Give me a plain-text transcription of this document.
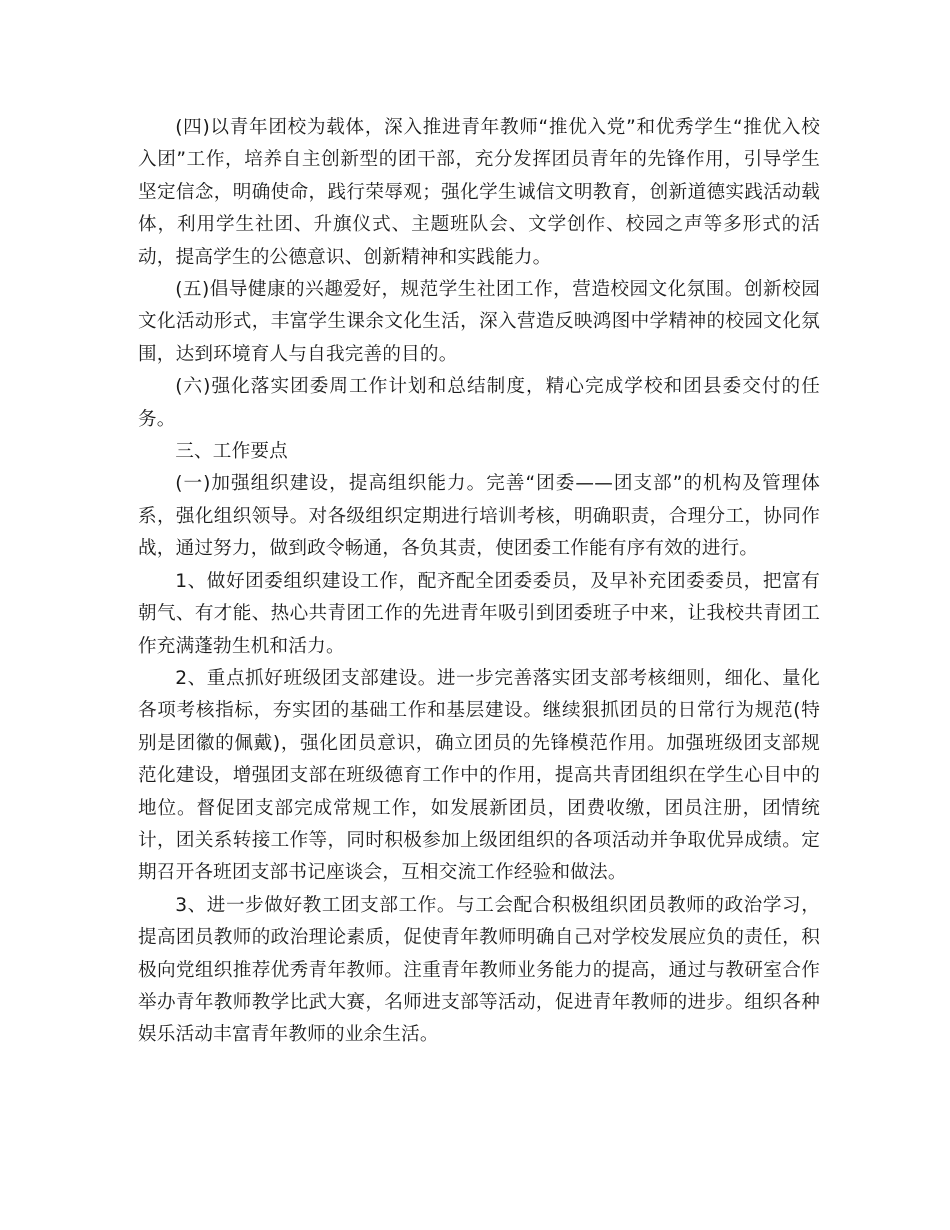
(四)以青年团校为载体，深入推进青年教师“推优入党”和优秀学生“推优入校入团”工作，培养自主创新型的团干部，充分发挥团员青年的先锋作用，引导学生坚定信念，明确使命，践行荣辱观；强化学生诚信文明教育，创新道德实践活动载体，利用学生社团、升旗仪式、主题班队会、文学创作、校园之声等多形式的活动，提高学生的公德意识、创新精神和实践能力。

(五)倡导健康的兴趣爱好，规范学生社团工作，营造校园文化氛围。创新校园文化活动形式，丰富学生课余文化生活，深入营造反映鸿图中学精神的校园文化氛围，达到环境育人与自我完善的目的。

(六)强化落实团委周工作计划和总结制度，精心完成学校和团县委交付的任务。

三、工作要点

(一)加强组织建设，提高组织能力。完善“团委——团支部”的机构及管理体系，强化组织领导。对各级组织定期进行培训考核，明确职责，合理分工，协同作战，通过努力，做到政令畅通，各负其责，使团委工作能有序有效的进行。

1、做好团委组织建设工作，配齐配全团委委员，及早补充团委委员，把富有朝气、有才能、热心共青团工作的先进青年吸引到团委班子中来，让我校共青团工作充满蓬勃生机和活力。

2、重点抓好班级团支部建设。进一步完善落实团支部考核细则，细化、量化各项考核指标，夯实团的基础工作和基层建设。继续狠抓团员的日常行为规范(特别是团徽的佩戴)，强化团员意识，确立团员的先锋模范作用。加强班级团支部规范化建设，增强团支部在班级德育工作中的作用，提高共青团组织在学生心目中的地位。督促团支部完成常规工作，如发展新团员，团费收缴，团员注册，团情统计，团关系转接工作等，同时积极参加上级团组织的各项活动并争取优异成绩。定期召开各班团支部书记座谈会，互相交流工作经验和做法。

3、进一步做好教工团支部工作。与工会配合积极组织团员教师的政治学习，提高团员教师的政治理论素质，促使青年教师明确自己对学校发展应负的责任，积极向党组织推荐优秀青年教师。注重青年教师业务能力的提高，通过与教研室合作举办青年教师教学比武大赛，名师进支部等活动，促进青年教师的进步。组织各种娱乐活动丰富青年教师的业余生活。
